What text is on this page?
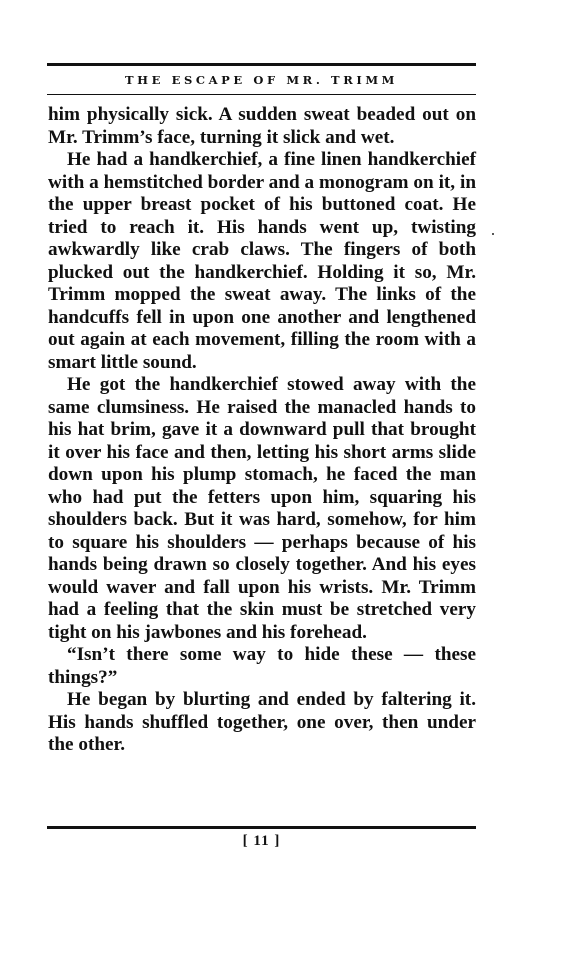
THE ESCAPE OF MR. TRIMM

him physically sick. A sudden sweat beaded out on Mr. Trimm’s face, turning it slick and wet.

He had a handkerchief, a fine linen handkerchief with a hemstitched border and a monogram on it, in the upper breast pocket of his buttoned coat. He tried to reach it. His hands went up, twisting awkwardly like crab claws. The fingers of both plucked out the handkerchief. Holding it so, Mr. Trimm mopped the sweat away. The links of the handcuffs fell in upon one another and lengthened out again at each movement, filling the room with a smart little sound.

He got the handkerchief stowed away with the same clumsiness. He raised the manacled hands to his hat brim, gave it a downward pull that brought it over his face and then, letting his short arms slide down upon his plump stomach, he faced the man who had put the fetters upon him, squaring his shoulders back. But it was hard, somehow, for him to square his shoulders — perhaps because of his hands being drawn so closely together. And his eyes would waver and fall upon his wrists. Mr. Trimm had a feeling that the skin must be stretched very tight on his jawbones and his forehead.

“Isn’t there some way to hide these — these things?”

He began by blurting and ended by faltering it. His hands shuffled together, one over, then under the other.

[ 11 ]
